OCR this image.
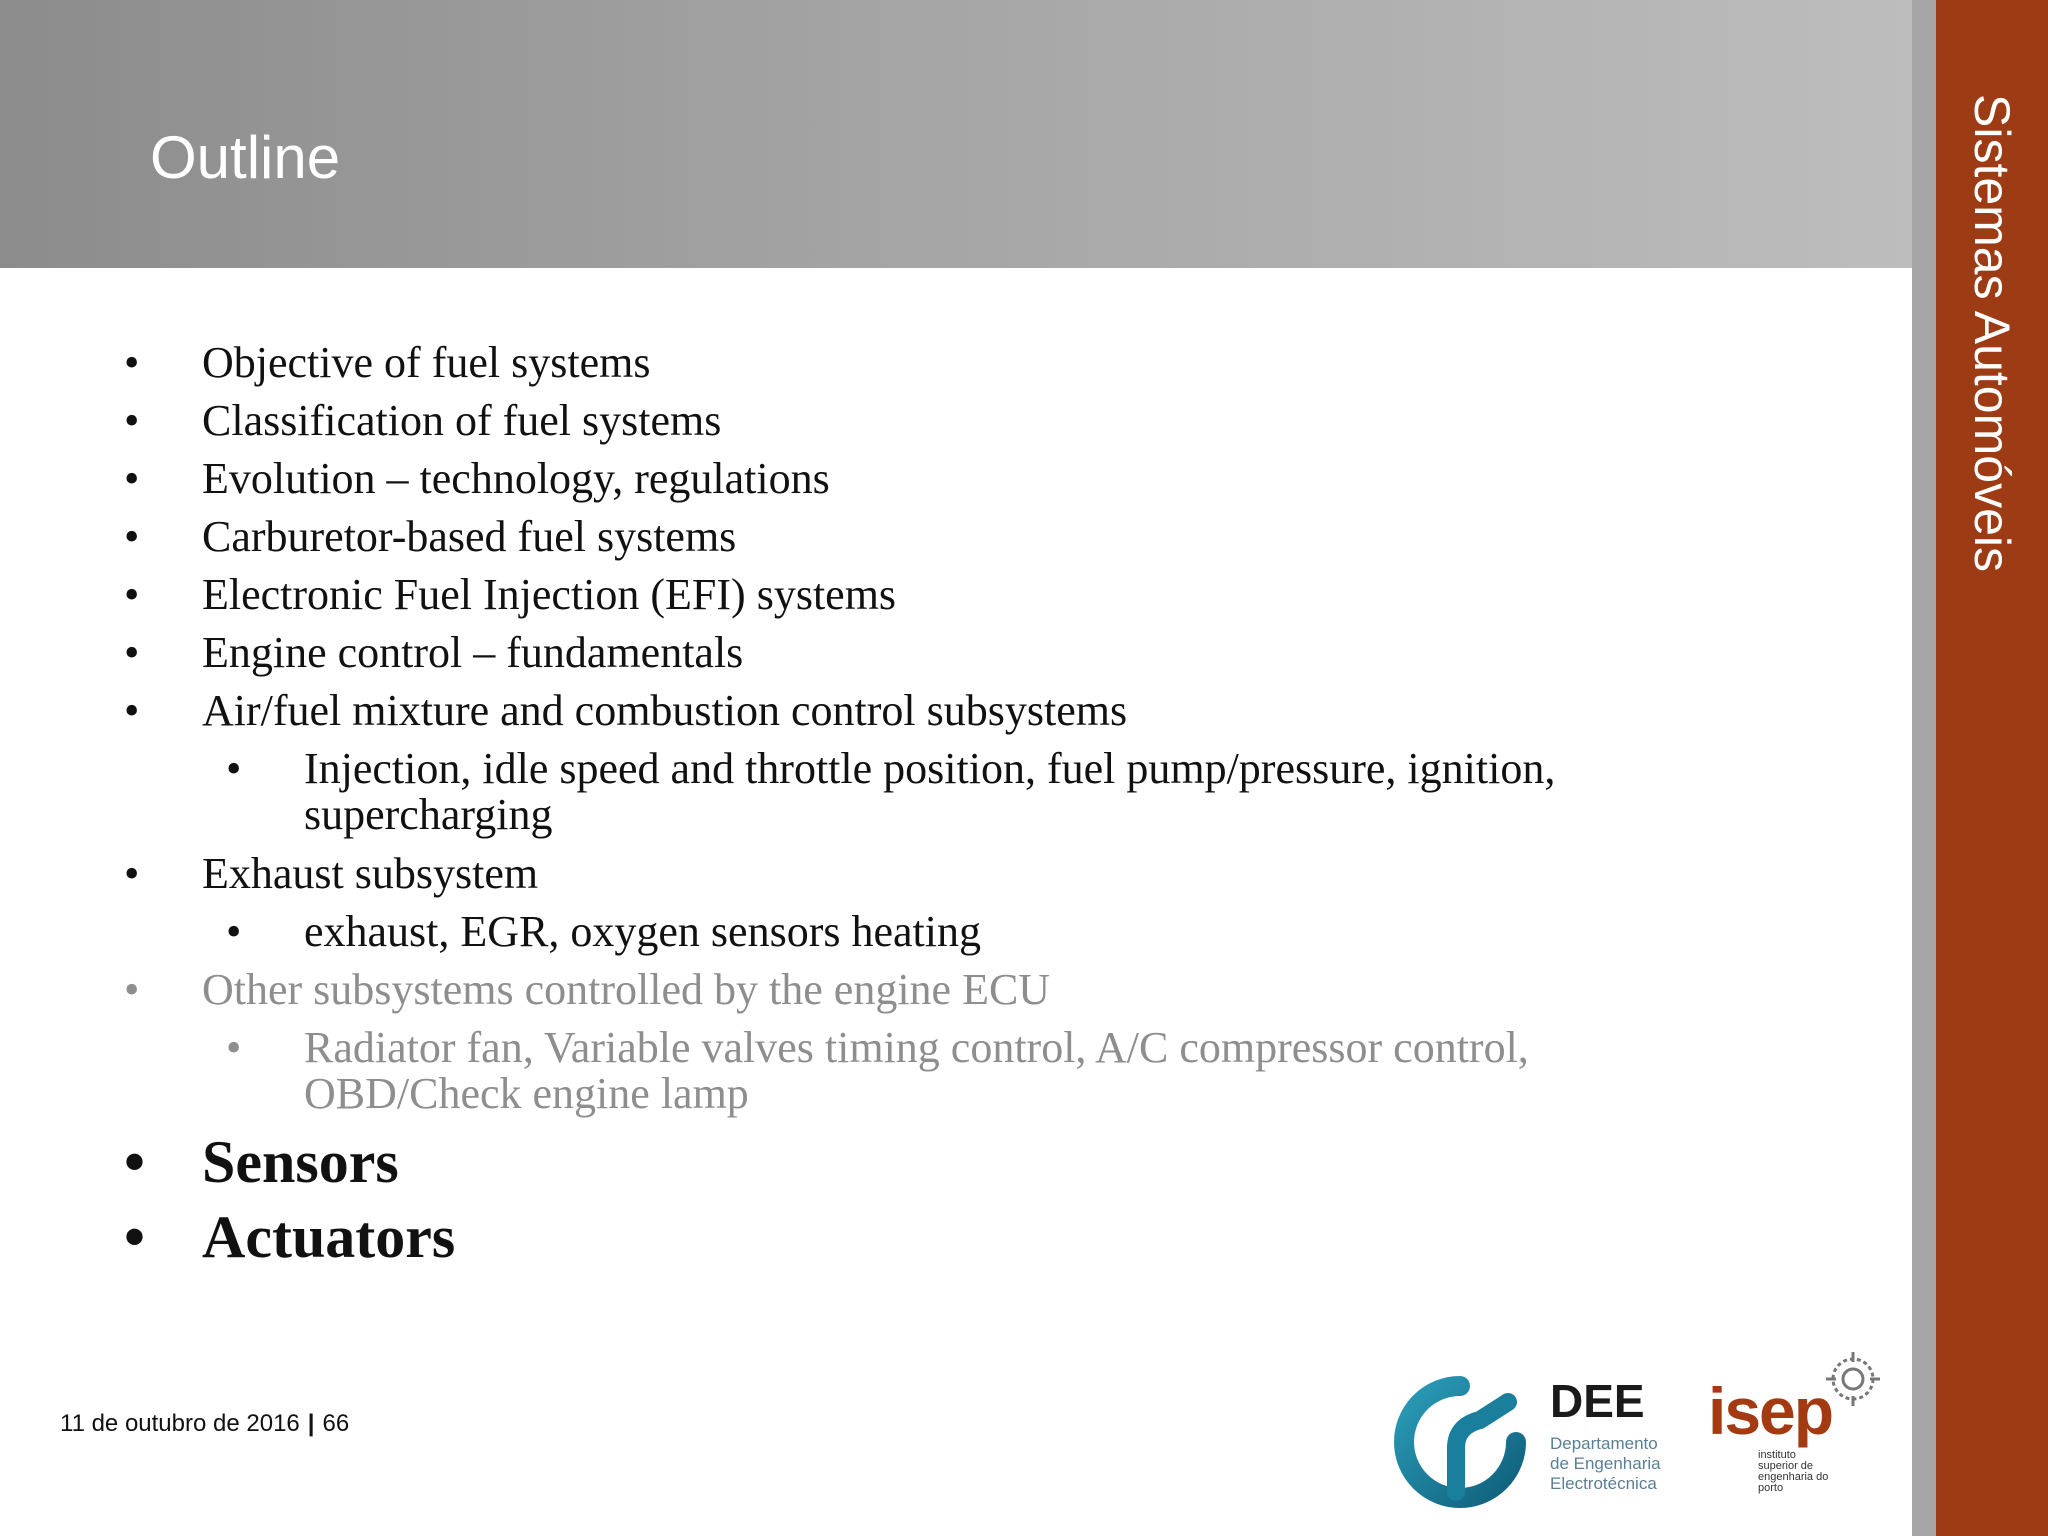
Outline	Sistemas Automóveis
• Objective of fuel systems
• Classification of fuel systems
• Evolution – technology, regulations
• Carburetor-based fuel systems
• Electronic Fuel Injection (EFI) systems
• Engine control – fundamentals
• Air/fuel mixture and combustion control subsystems
• Injection, idle speed and throttle position, fuel pump/pressure, ignition,
supercharging
• Exhaust subsystem
• exhaust, EGR, oxygen sensors heating
• Other subsystems controlled by the engine ECU
• Radiator fan, Variable valves timing control, A/C compressor control,
OBD/Check engine lamp
• Sensors
• Actuators
11 de outubro de 2016 | 66	DEE
Departamento
de Engenharia
Electrotécnica
isep
instituto
superior de
engenharia do
porto
